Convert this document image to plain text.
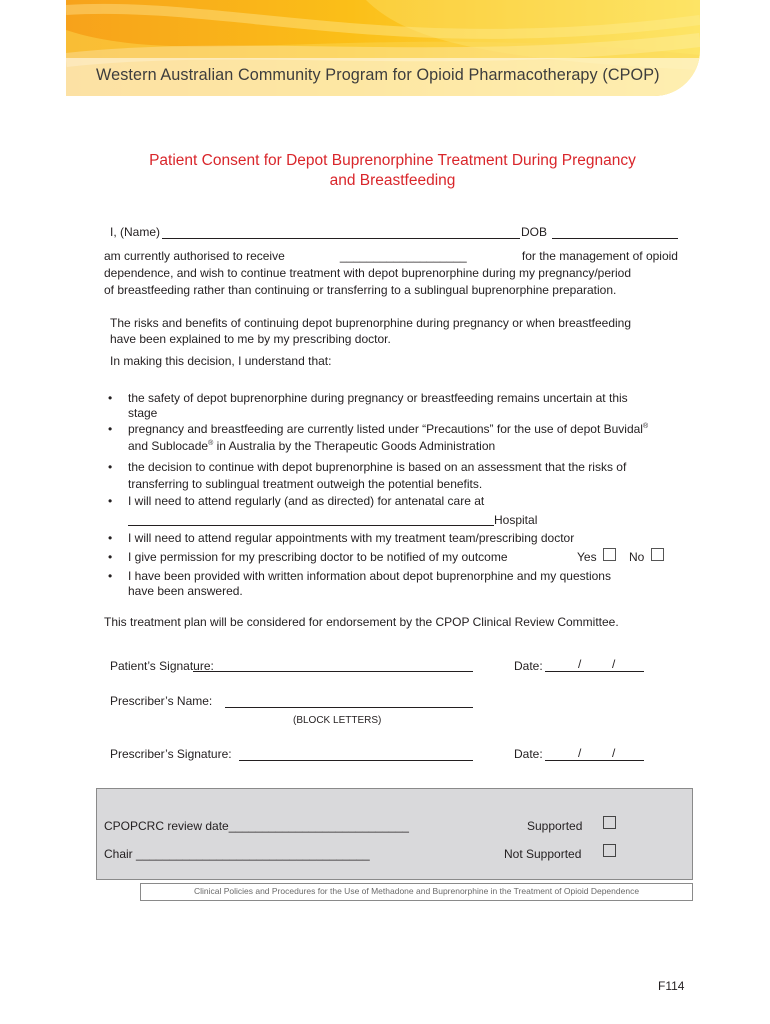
Western Australian Community Program for Opioid Pharmacotherapy (CPOP)
Patient Consent for Depot Buprenorphine Treatment During Pregnancy
and Breastfeeding
I, (Name)	DOB
am currently authorised to receive	___________________	for the management of opioid
dependence, and wish to continue treatment with depot buprenorphine during my pregnancy/period
of breastfeeding rather than continuing or transferring to a sublingual buprenorphine preparation.
The risks and benefits of continuing depot buprenorphine during pregnancy or when breastfeeding
have been explained to me by my prescribing doctor.
In making this decision, I understand that:
• the safety of depot buprenorphine during pregnancy or breastfeeding remains uncertain at this
stage
• pregnancy and breastfeeding are currently listed under “Precautions” for the use of depot Buvidal®
and Sublocade® in Australia by the Therapeutic Goods Administration
• the decision to continue with depot buprenorphine is based on an assessment that the risks of
transferring to sublingual treatment outweigh the potential benefits.
• I will need to attend regularly (and as directed) for antenatal care at
Hospital
• I will need to attend regular appointments with my treatment team/prescribing doctor
• I give permission for my prescribing doctor to be notified of my outcome	Yes	No
• I have been provided with written information about depot buprenorphine and my questions
have been answered.
This treatment plan will be considered for endorsement by the CPOP Clinical Review Committee.
Patient’s Signature:	Date:	/	/
Prescriber’s Name:
(BLOCK LETTERS)
Prescriber’s Signature:	Date:	/	/
CPOPCRC review date___________________________	Supported
Chair ___________________________________	Not Supported
Clinical Policies and Procedures for the Use of Methadone and Buprenorphine in the Treatment of Opioid Dependence
F114
